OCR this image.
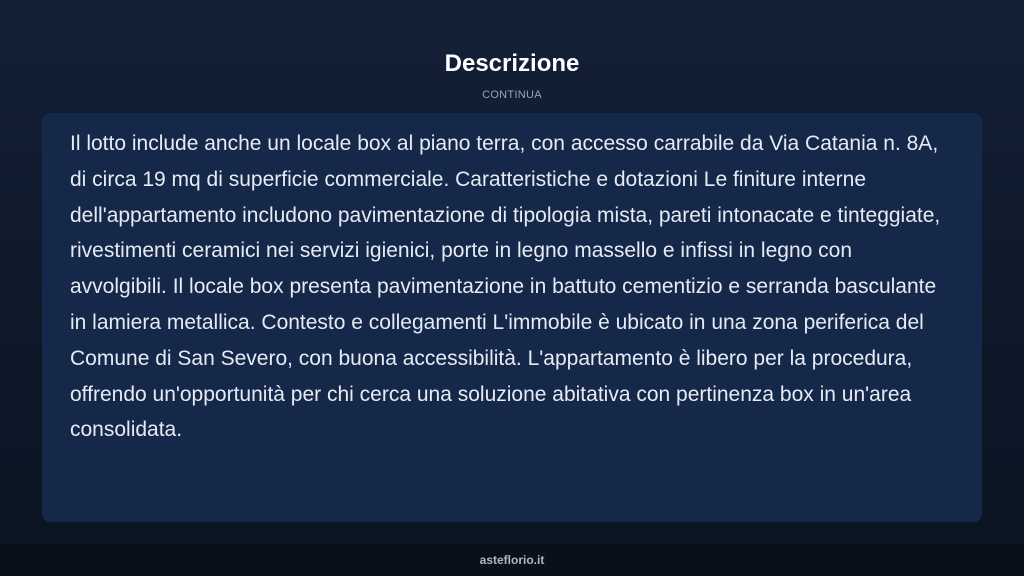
Descrizione
CONTINUA

Il lotto include anche un locale box al piano terra, con accesso carrabile da Via Catania n. 8A, di circa 19 mq di superficie commerciale. Caratteristiche e dotazioni Le finiture interne dell'appartamento includono pavimentazione di tipologia mista, pareti intonacate e tinteggiate, rivestimenti ceramici nei servizi igienici, porte in legno massello e infissi in legno con avvolgibili. Il locale box presenta pavimentazione in battuto cementizio e serranda basculante in lamiera metallica. Contesto e collegamenti L'immobile è ubicato in una zona periferica del Comune di San Severo, con buona accessibilità. L'appartamento è libero per la procedura, offrendo un'opportunità per chi cerca una soluzione abitativa con pertinenza box in un'area consolidata.

asteflorio.it
